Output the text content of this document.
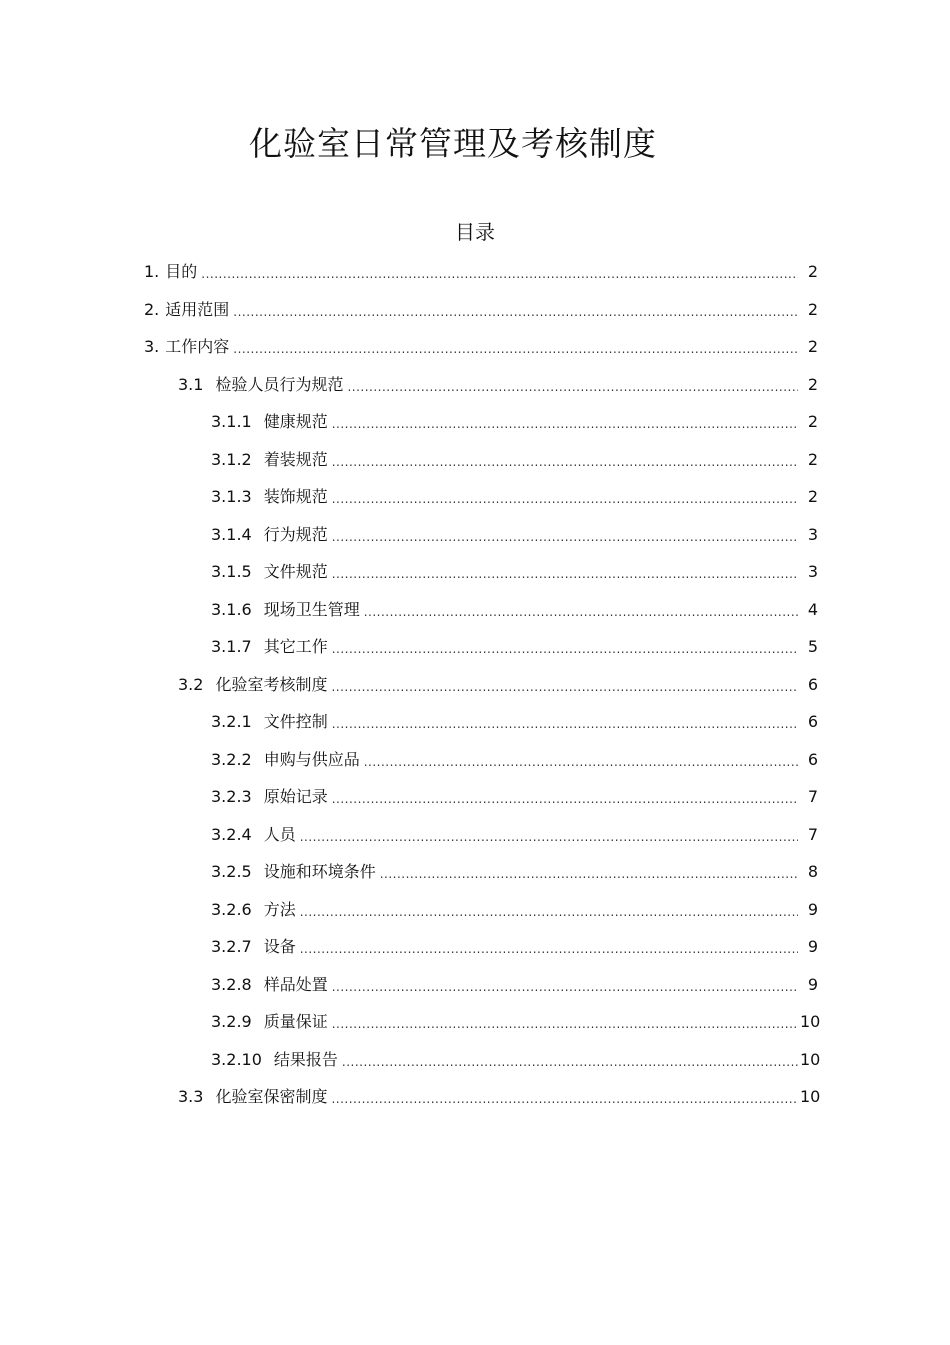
化验室日常管理及考核制度
目录
1. 目的 .....	2
2. 适用范围 .....	2
3. 工作内容 .....	2
3.1 检验人员行为规范 .....	2
3.1.1 健康规范 .....	2
3.1.2 着装规范 .....	2
3.1.3 装饰规范 .....	2
3.1.4 行为规范 .....	3
3.1.5 文件规范 .....	3
3.1.6 现场卫生管理 .....	4
3.1.7 其它工作 .....	5
3.2 化验室考核制度 .....	6
3.2.1 文件控制 .....	6
3.2.2 申购与供应品 .....	6
3.2.3 原始记录 .....	7
3.2.4 人员 .....	7
3.2.5 设施和环境条件 .....	8
3.2.6 方法 .....	9
3.2.7 设备 .....	9
3.2.8 样品处置 .....	9
3.2.9 质量保证 .....	10
3.2.10 结果报告 .....	10
3.3 化验室保密制度 .....	10
